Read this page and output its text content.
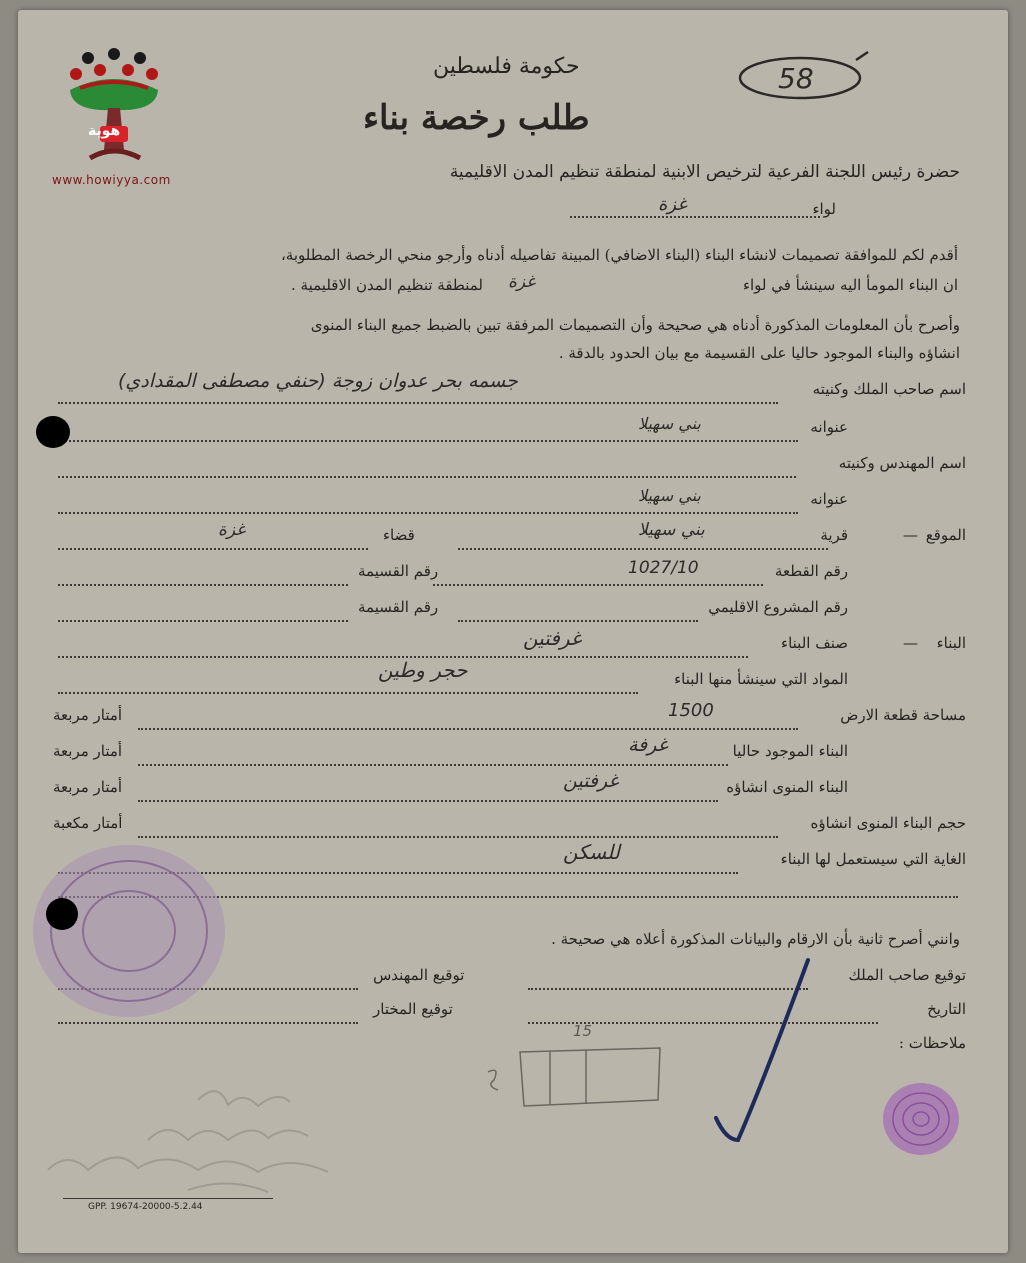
هوية
www.howiyya.com
حكومة فلسطين
طلب رخصة بناء
58
حضرة رئيس اللجنة الفرعية لترخيص الابنية لمنطقة تنظيم المدن الاقليمية
لواء
غزة
أقدم لكم للموافقة تصميمات لانشاء البناء (البناء الاضافي) المبينة تفاصيله أدناه وأرجو منحي الرخصة المطلوبة،
ان البناء المومأ اليه سينشأ في لواء
غزة
لمنطقة تنظيم المدن الاقليمية .
وأصرح بأن المعلومات المذكورة أدناه هي صحيحة وأن التصميمات المرفقة تبين بالضبط جميع البناء المنوى
انشاؤه والبناء الموجود حاليا على القسيمة مع بيان الحدود بالدقة .
اسم صاحب الملك وكنيته
جسمه بحر عدوان زوجة (حنفي مصطفى المقدادي)
عنوانه
بني سهيلا
اسم المهندس وكنيته
عنوانه
بني سهيلا
الموقع
—
قرية
بني سهيلا
قضاء
غزة
رقم القطعة
1027/10
رقم القسيمة
رقم المشروع الاقليمي
رقم القسيمة
البناء
—
صنف البناء
غرفتين
المواد التي سينشأ منها البناء
حجر وطين
مساحة قطعة الارض
1500
أمتار مربعة
البناء الموجود حاليا
غرفة
أمتار مربعة
البناء المنوى انشاؤه
غرفتين
أمتار مربعة
حجم البناء المنوى انشاؤه
أمتار مكعبة
الغاية التي سيستعمل لها البناء
للسكن
وانني أصرح ثانية بأن الارقام والبيانات المذكورة أعلاه هي صحيحة .
توقيع صاحب الملك
توقيع المهندس
التاريخ
توقيع المختار
ملاحظات :
15
GPP. 19674-20000-5.2.44
